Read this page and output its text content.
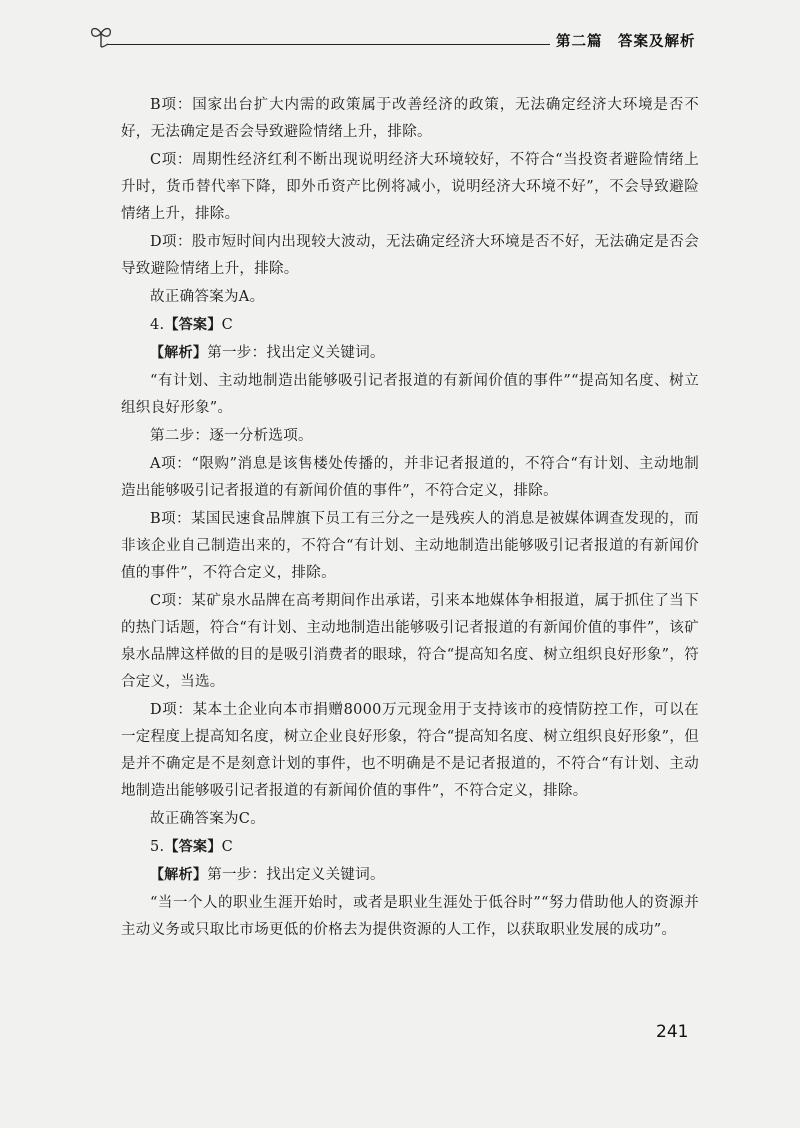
第二篇　答案及解析

B项：国家出台扩大内需的政策属于改善经济的政策，无法确定经济大环境是否不好，无法确定是否会导致避险情绪上升，排除。

C项：周期性经济红利不断出现说明经济大环境较好，不符合“当投资者避险情绪上升时，货币替代率下降，即外币资产比例将减小，说明经济大环境不好”，不会导致避险情绪上升，排除。

D项：股市短时间内出现较大波动，无法确定经济大环境是否不好，无法确定是否会导致避险情绪上升，排除。

故正确答案为A。

4.【答案】C

【解析】第一步：找出定义关键词。

“有计划、主动地制造出能够吸引记者报道的有新闻价值的事件”“提高知名度、树立组织良好形象”。

第二步：逐一分析选项。

A项：“限购”消息是该售楼处传播的，并非记者报道的，不符合“有计划、主动地制造出能够吸引记者报道的有新闻价值的事件”，不符合定义，排除。

B项：某国民速食品牌旗下员工有三分之一是残疾人的消息是被媒体调查发现的，而非该企业自己制造出来的，不符合“有计划、主动地制造出能够吸引记者报道的有新闻价值的事件”，不符合定义，排除。

C项：某矿泉水品牌在高考期间作出承诺，引来本地媒体争相报道，属于抓住了当下的热门话题，符合“有计划、主动地制造出能够吸引记者报道的有新闻价值的事件”，该矿泉水品牌这样做的目的是吸引消费者的眼球，符合“提高知名度、树立组织良好形象”，符合定义，当选。

D项：某本土企业向本市捐赠8000万元现金用于支持该市的疫情防控工作，可以在一定程度上提高知名度，树立企业良好形象，符合“提高知名度、树立组织良好形象”，但是并不确定是不是刻意计划的事件，也不明确是不是记者报道的，不符合“有计划、主动地制造出能够吸引记者报道的有新闻价值的事件”，不符合定义，排除。

故正确答案为C。

5.【答案】C

【解析】第一步：找出定义关键词。

“当一个人的职业生涯开始时，或者是职业生涯处于低谷时”“努力借助他人的资源并主动义务或只取比市场更低的价格去为提供资源的人工作，以获取职业发展的成功”。

241
